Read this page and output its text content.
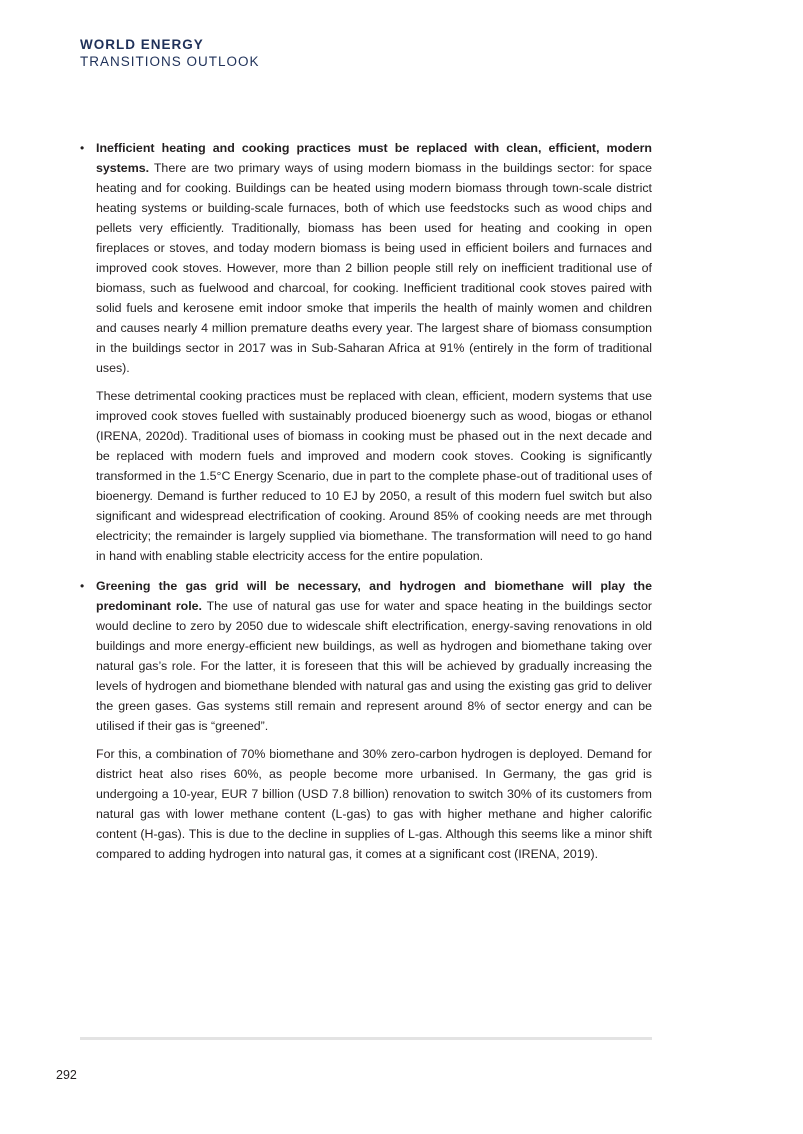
WORLD ENERGY
TRANSITIONS OUTLOOK
• Inefficient heating and cooking practices must be replaced with clean, efficient, modern systems. There are two primary ways of using modern biomass in the buildings sector: for space heating and for cooking. Buildings can be heated using modern biomass through town-scale district heating systems or building-scale furnaces, both of which use feedstocks such as wood chips and pellets very efficiently. Traditionally, biomass has been used for heating and cooking in open fireplaces or stoves, and today modern biomass is being used in efficient boilers and furnaces and improved cook stoves. However, more than 2 billion people still rely on inefficient traditional use of biomass, such as fuelwood and charcoal, for cooking. Inefficient traditional cook stoves paired with solid fuels and kerosene emit indoor smoke that imperils the health of mainly women and children and causes nearly 4 million premature deaths every year. The largest share of biomass consumption in the buildings sector in 2017 was in Sub-Saharan Africa at 91% (entirely in the form of traditional uses).

These detrimental cooking practices must be replaced with clean, efficient, modern systems that use improved cook stoves fuelled with sustainably produced bioenergy such as wood, biogas or ethanol (IRENA, 2020d). Traditional uses of biomass in cooking must be phased out in the next decade and be replaced with modern fuels and improved and modern cook stoves. Cooking is significantly transformed in the 1.5°C Energy Scenario, due in part to the complete phase-out of traditional uses of bioenergy. Demand is further reduced to 10 EJ by 2050, a result of this modern fuel switch but also significant and widespread electrification of cooking. Around 85% of cooking needs are met through electricity; the remainder is largely supplied via biomethane. The transformation will need to go hand in hand with enabling stable electricity access for the entire population.

• Greening the gas grid will be necessary, and hydrogen and biomethane will play the predominant role. The use of natural gas use for water and space heating in the buildings sector would decline to zero by 2050 due to widescale shift electrification, energy-saving renovations in old buildings and more energy-efficient new buildings, as well as hydrogen and biomethane taking over natural gas’s role. For the latter, it is foreseen that this will be achieved by gradually increasing the levels of hydrogen and biomethane blended with natural gas and using the existing gas grid to deliver the green gases. Gas systems still remain and represent around 8% of sector energy and can be utilised if their gas is “greened”.

For this, a combination of 70% biomethane and 30% zero-carbon hydrogen is deployed. Demand for district heat also rises 60%, as people become more urbanised. In Germany, the gas grid is undergoing a 10-year, EUR 7 billion (USD 7.8 billion) renovation to switch 30% of its customers from natural gas with lower methane content (L-gas) to gas with higher methane and higher calorific content (H-gas). This is due to the decline in supplies of L-gas. Although this seems like a minor shift compared to adding hydrogen into natural gas, it comes at a significant cost (IRENA, 2019).

292
